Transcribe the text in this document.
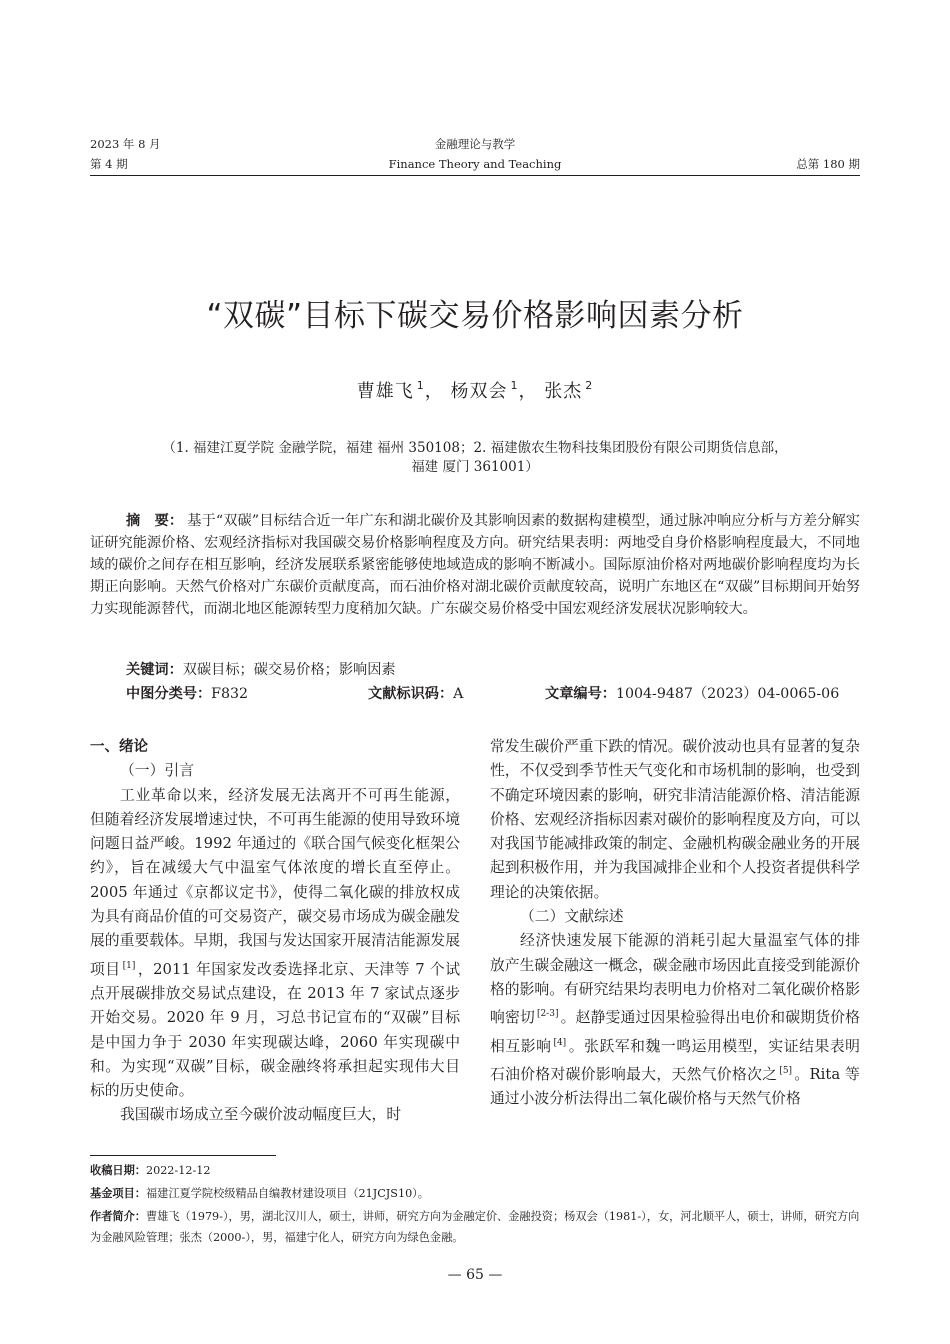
2023 年 8 月
第 4 期
金融理论与教学
Finance Theory and Teaching	总第 180 期
“双碳”目标下碳交易价格影响因素分析
曹雄飞 $^1$， 杨双会 $^1$， 张杰 $^2$
（1. 福建江夏学院 金融学院，福建 福州 350108；2. 福建傲农生物科技集团股份有限公司期货信息部，
福建 厦门 361001）
摘　要： 基于“双碳”目标结合近一年广东和湖北碳价及其影响因素的数据构建模型，通过脉冲响应分析与方差分解实证研究能源价格、宏观经济指标对我国碳交易价格影响程度及方向。研究结果表明：两地受自身价格影响程度最大，不同地域的碳价之间存在相互影响，经济发展联系紧密能够使地域造成的影响不断减小。国际原油价格对两地碳价影响程度均为长期正向影响。天然气价格对广东碳价贡献度高，而石油价格对湖北碳价贡献度较高，说明广东地区在“双碳”目标期间开始努力实现能源替代，而湖北地区能源转型力度稍加欠缺。广东碳交易价格受中国宏观经济发展状况影响较大。
关键词：双碳目标；碳交易价格；影响因素
中图分类号：F832	文献标识码：A	文章编号：1004-9487（2023）04-0065-06

一、绪论

（一）引言

工业革命以来，经济发展无法离开不可再生能源，但随着经济发展增速过快，不可再生能源的使用导致环境问题日益严峻。1992 年通过的《联合国气候变化框架公约》，旨在减缓大气中温室气体浓度的增长直至停止。2005 年通过《京都议定书》，使得二氧化碳的排放权成为具有商品价值的可交易资产，碳交易市场成为碳金融发展的重要载体。早期，我国与发达国家开展清洁能源发展项目 [1] ，2011 年国家发改委选择北京、天津等 7 个试点开展碳排放交易试点建设，在 2013 年 7 家试点逐步开始交易。2020 年 9 月，习总书记宣布的“双碳”目标是中国力争于 2030 年实现碳达峰，2060 年实现碳中和。为实现“双碳”目标，碳金融终将承担起实现伟大目标的历史使命。

我国碳市场成立至今碳价波动幅度巨大，时

常发生碳价严重下跌的情况。碳价波动也具有显著的复杂性，不仅受到季节性天气变化和市场机制的影响，也受到不确定环境因素的影响，研究非清洁能源价格、清洁能源价格、宏观经济指标因素对碳价的影响程度及方向，可以对我国节能减排政策的制定、金融机构碳金融业务的开展起到积极作用，并为我国减排企业和个人投资者提供科学理论的决策依据。

（二）文献综述

经济快速发展下能源的消耗引起大量温室气体的排放产生碳金融这一概念，碳金融市场因此直接受到能源价格的影响。有研究结果均表明电力价格对二氧化碳价格影响密切 [2-3] 。赵静雯通过因果检验得出电价和碳期货价格相互影响 [4] 。张跃军和魏一鸣运用模型，实证结果表明石油价格对碳价影响最大，天然气价格次之 [5] 。Rita 等通过小波分析法得出二氧化碳价格与天然气价格

收稿日期：2022-12-12
基金项目：福建江夏学院校级精品自编教材建设项目（21JCJS10）。
作者简介：曹雄飞（1979-），男，湖北汉川人，硕士，讲师，研究方向为金融定价、金融投资；杨双会（1981-），女，河北顺平人，硕士，讲师，研究方向为金融风险管理；张杰（2000-），男，福建宁化人，研究方向为绿色金融。
— 65 —
